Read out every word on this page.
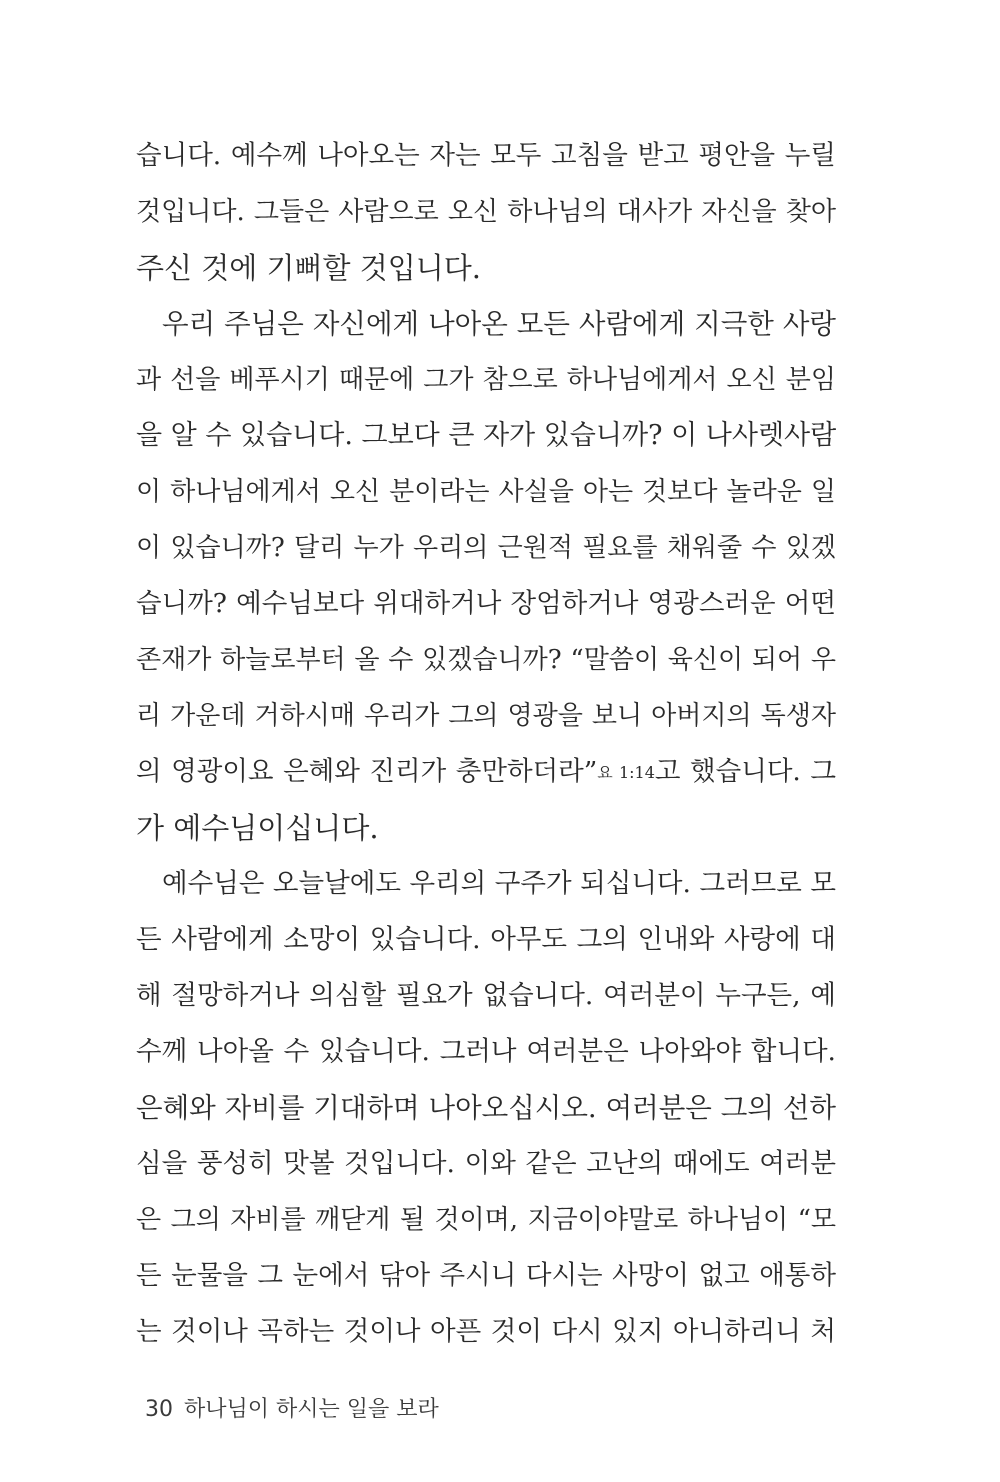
습니다. 예수께 나아오는 자는 모두 고침을 받고 평안을 누릴
것입니다. 그들은 사람으로 오신 하나님의 대사가 자신을 찾아
주신 것에 기뻐할 것입니다.
우리 주님은 자신에게 나아온 모든 사람에게 지극한 사랑
과 선을 베푸시기 때문에 그가 참으로 하나님에게서 오신 분임
을 알 수 있습니다. 그보다 큰 자가 있습니까? 이 나사렛사람
이 하나님에게서 오신 분이라는 사실을 아는 것보다 놀라운 일
이 있습니까? 달리 누가 우리의 근원적 필요를 채워줄 수 있겠
습니까? 예수님보다 위대하거나 장엄하거나 영광스러운 어떤
존재가 하늘로부터 올 수 있겠습니까? “말씀이 육신이 되어 우
리 가운데 거하시매 우리가 그의 영광을 보니 아버지의 독생자
의 영광이요 은혜와 진리가 충만하더라”요 1:14고 했습니다. 그
가 예수님이십니다.
예수님은 오늘날에도 우리의 구주가 되십니다. 그러므로 모
든 사람에게 소망이 있습니다. 아무도 그의 인내와 사랑에 대
해 절망하거나 의심할 필요가 없습니다. 여러분이 누구든, 예
수께 나아올 수 있습니다. 그러나 여러분은 나아와야 합니다.
은혜와 자비를 기대하며 나아오십시오. 여러분은 그의 선하
심을 풍성히 맛볼 것입니다. 이와 같은 고난의 때에도 여러분
은 그의 자비를 깨닫게 될 것이며, 지금이야말로 하나님이 “모
든 눈물을 그 눈에서 닦아 주시니 다시는 사망이 없고 애통하
는 것이나 곡하는 것이나 아픈 것이 다시 있지 아니하리니 처
30 하나님이 하시는 일을 보라
